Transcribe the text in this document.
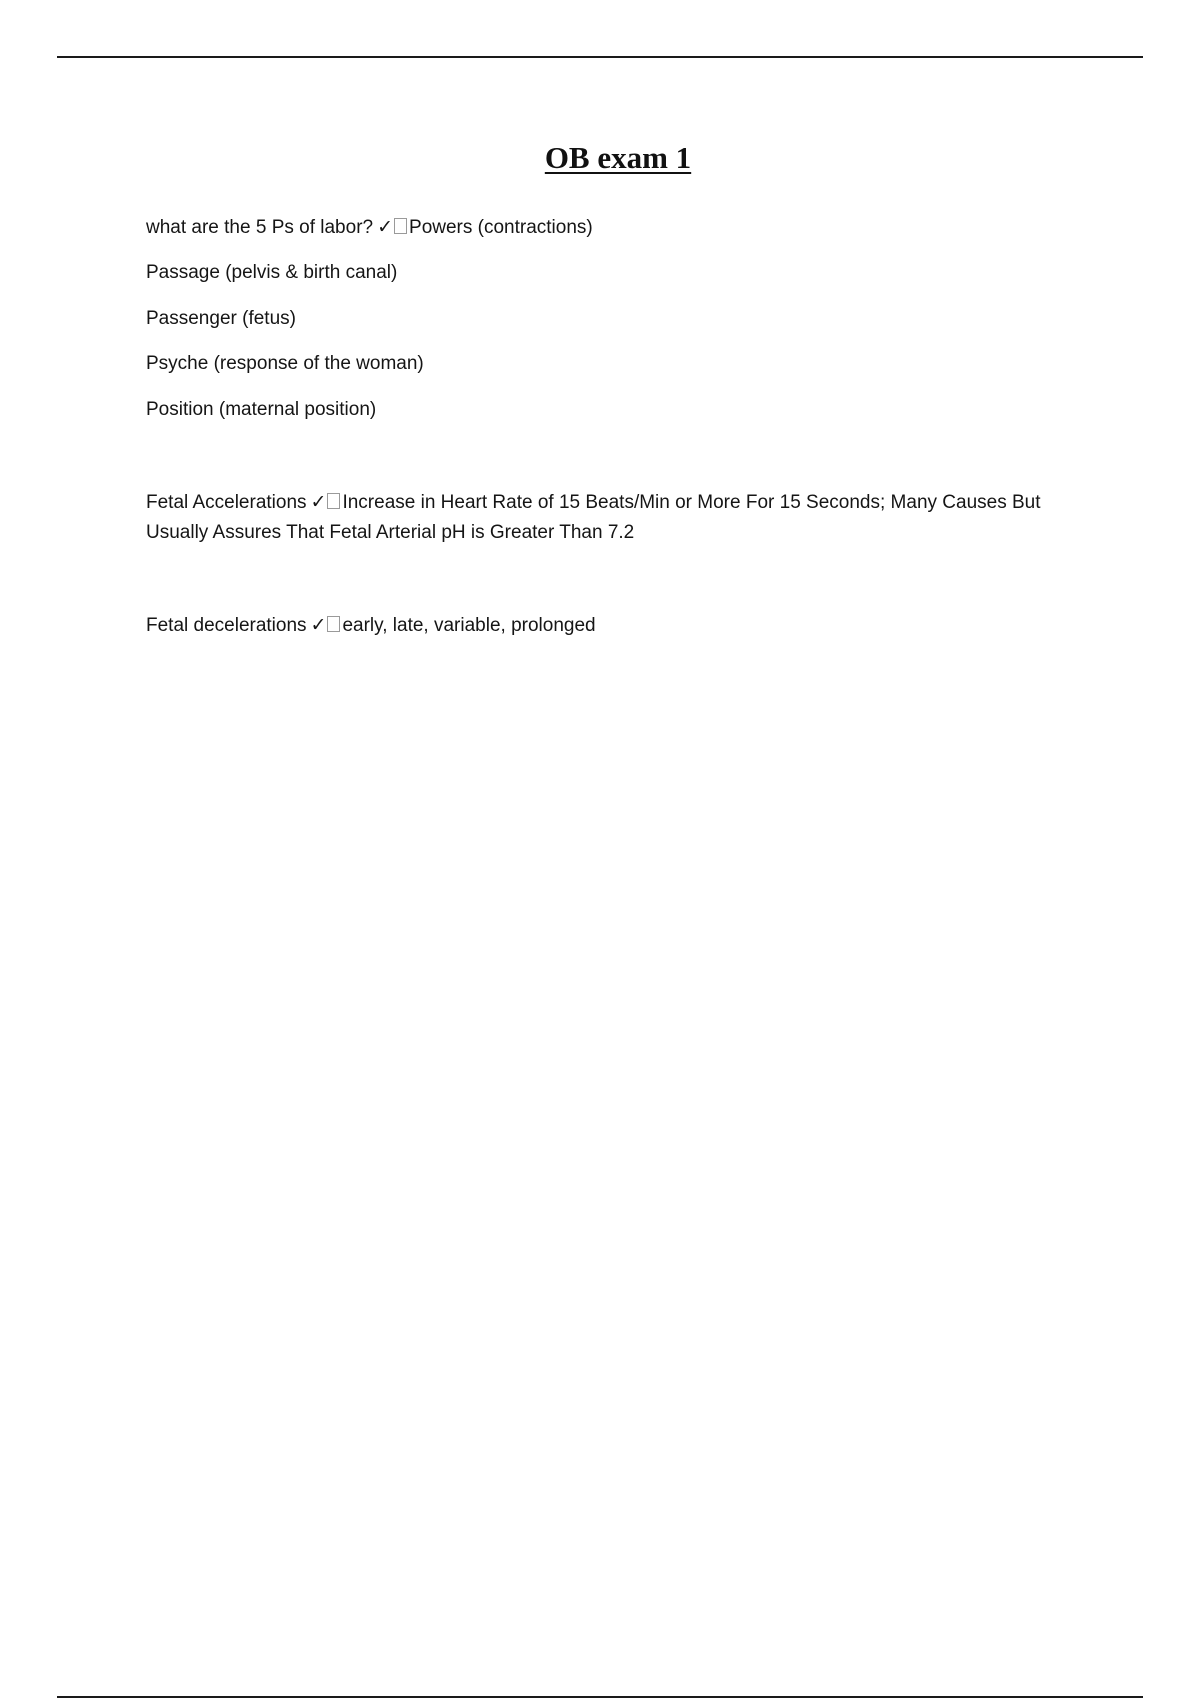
OB exam 1

what are the 5 Ps of labor? ✓ Powers (contractions)

Passage (pelvis & birth canal)

Passenger (fetus)

Psyche (response of the woman)

Position (maternal position)

Fetal Accelerations ✓ Increase in Heart Rate of 15 Beats/Min or More For 15 Seconds; Many Causes But Usually Assures That Fetal Arterial pH is Greater Than 7.2

Fetal decelerations ✓ early, late, variable, prolonged
